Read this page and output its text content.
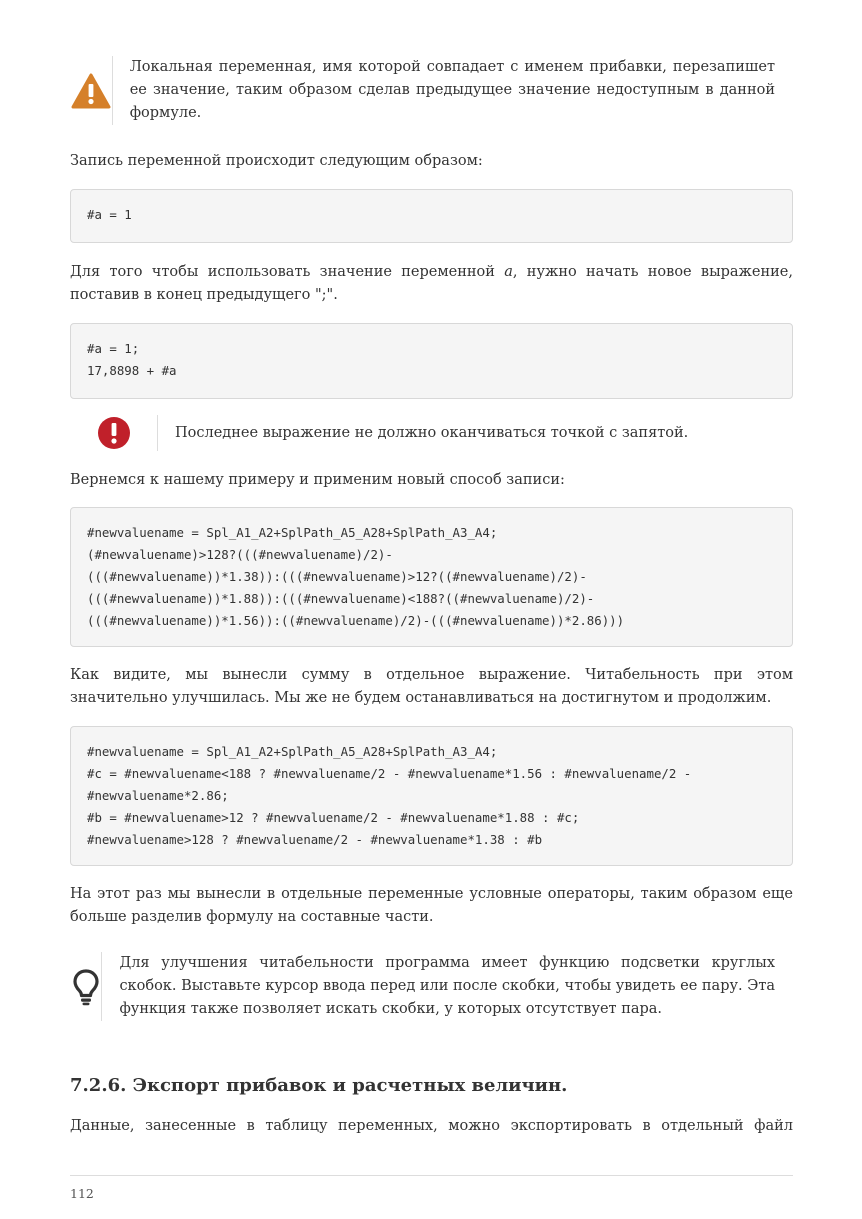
Локальная переменная, имя которой совпадает с именем прибавки, перезапишет ее значение, таким образом сделав предыдущее значение недоступным в данной формуле.
Запись переменной происходит следующим образом:
#a = 1
Для того чтобы использовать значение переменной a, нужно начать новое выражение, поставив в конец предыдущего ";".
#a = 1;
17,8898 + #a
Последнее выражение не должно оканчиваться точкой с запятой.
Вернемся к нашему примеру и применим новый способ записи:
#newvaluename = Spl_A1_A2+SplPath_A5_A28+SplPath_A3_A4;
(#newvaluename)>128?(((#newvaluename)/2)-
(((#newvaluename))*1.38)):(((#newvaluename)>12?((#newvaluename)/2)-
(((#newvaluename))*1.88)):(((#newvaluename)<188?((#newvaluename)/2)-
(((#newvaluename))*1.56)):((#newvaluename)/2)-(((#newvaluename))*2.86)))
Как видите, мы вынесли сумму в отдельное выражение. Читабельность при этом значительно улучшилась. Мы же не будем останавливаться на достигнутом и продолжим.
#newvaluename = Spl_A1_A2+SplPath_A5_A28+SplPath_A3_A4;
#c = #newvaluename<188 ? #newvaluename/2 - #newvaluename*1.56 : #newvaluename/2 -
#newvaluename*2.86;
#b = #newvaluename>12 ? #newvaluename/2 - #newvaluename*1.88 : #c;
#newvaluename>128 ? #newvaluename/2 - #newvaluename*1.38 : #b
На этот раз мы вынесли в отдельные переменные условные операторы, таким образом еще больше разделив формулу на составные части.
Для улучшения читабельности программа имеет функцию подсветки круглых скобок. Выставьте курсор ввода перед или после скобки, чтобы увидеть ее пару. Эта функция также позволяет искать скобки, у которых отсутствует пара.
7.2.6. Экспорт прибавок и расчетных величин.
Данные, занесенные в таблицу переменных, можно экспортировать в отдельный файл
112
